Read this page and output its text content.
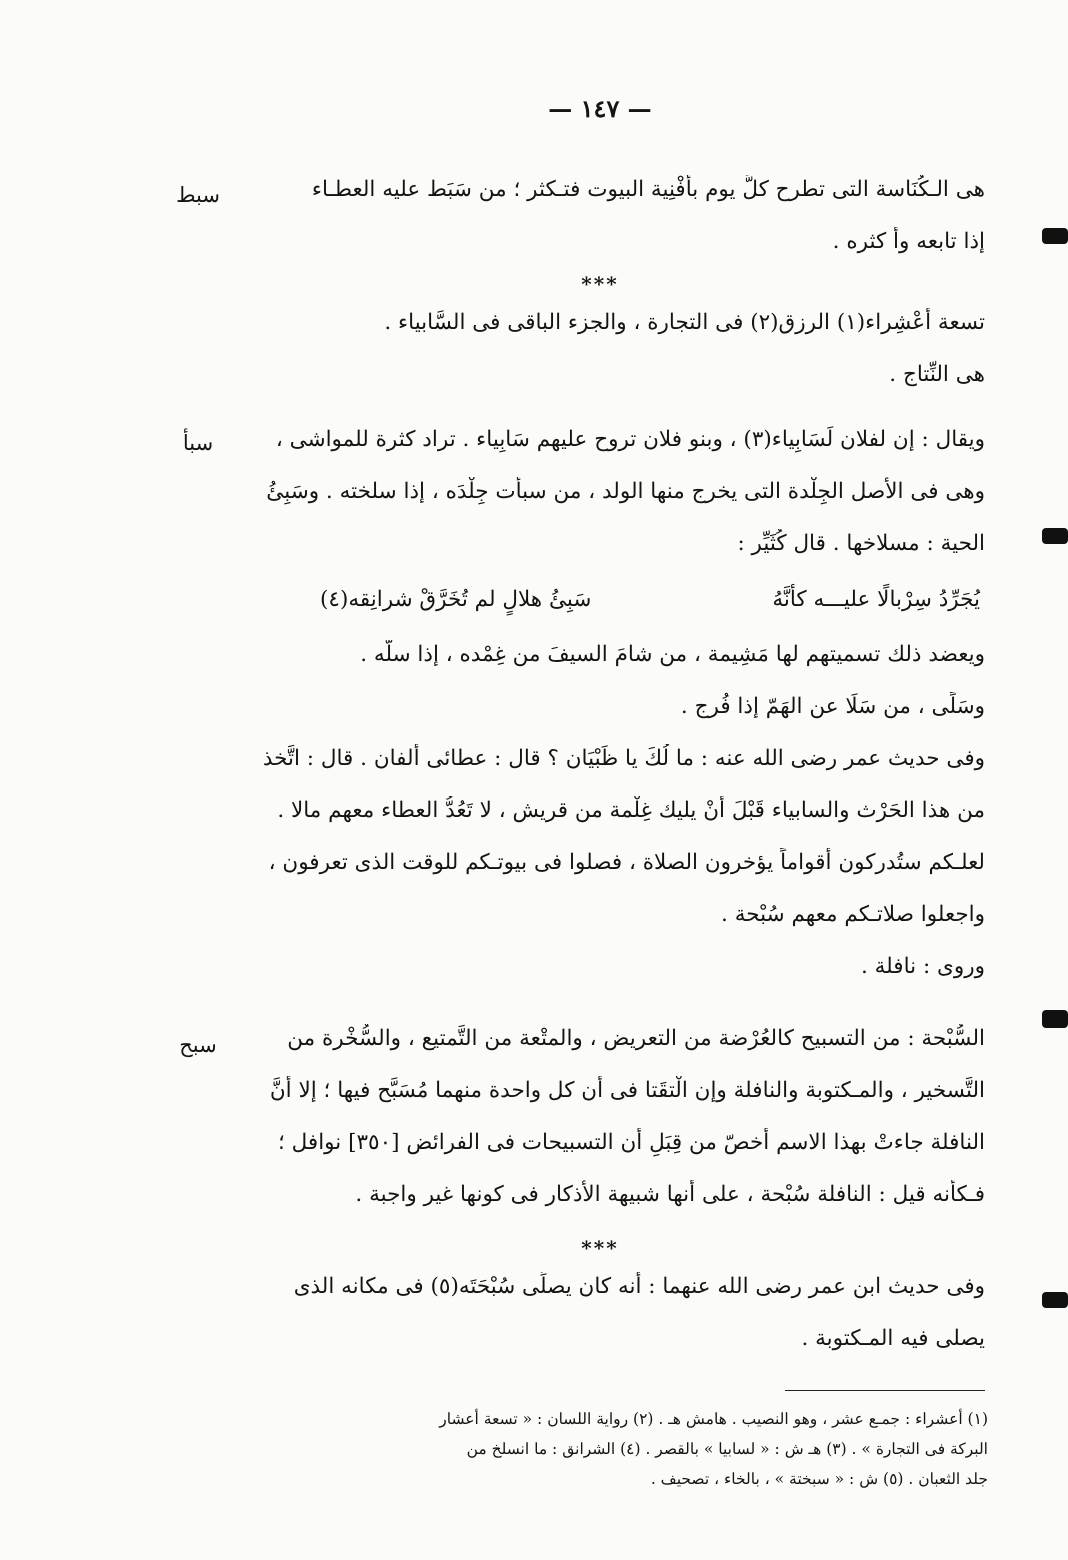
— ١٤٧ —
سبط	هى الـكُنَاسة التى تطرح كلَّ يوم بأفْنِية البيوت فتـكثر ؛ من سَبَط عليه العطـاء
إذا تابعه وأ كثره .
***
تسعة أعْشِراء(١) الرزق(٢) فى التجارة ، والجزء الباقى فى السَّابياء .
هى النِّتاج .
سبأ	ويقال : إن لفلان لَسَابِياء(٣) ، وبنو فلان تروح عليهم سَابِياء . تراد كثرة للمواشى ،
وهى فى الأصل الجِلْدة التى يخرج منها الولد ، من سبأت جِلْدَه ، إذا سلخته . وسَبِئُ
الحية : مسلاخها . قال كُثَيِّر :
يُجَرِّدُ سِرْبالًا عليـــه كأنَّهُ
سَبِئُ هلالٍ لم تُخَرَّقْ شرانِقه(٤)
ويعضد ذلك تسميتهم لها مَشِيمة ، من شامَ السيفَ من غِمْده ، إذا سلّه .
وسَلًى ، من سَلَا عن الهَمّ إذا فُرج .
وفى حديث عمر رضى الله عنه : ما لُكَ يا ظَبْيَان ؟ قال : عطائى ألفان . قال : اتَّخذ
من هذا الحَرْث والسابياء قَبْلَ أنْ يليك غِلْمة من قريش ، لا تَعُدُّ العطاء معهم مالا .
لعلـكم ستُدركون أقواماً يؤخرون الصلاة ، فصلوا فى بيوتـكم للوقت الذى تعرفون ،
واجعلوا صلاتـكم معهم سُبْحة .
وروى : نافلة .
سبح	السُّبْحة : من التسبيح كالعُرْضة من التعريض ، والمتْعة من التَّمتيع ، والسُّخْرة من
التَّسخير ، والمـكتوبة والنافلة وإن الْتقَتا فى أن كل واحدة منهما مُسَبَّح فيها ؛ إلا أنَّ
النافلة جاءتْ بهذا الاسم أخصّ من قِبَلِ أن التسبيحات فى الفرائض [٣٥٠] نوافل ؛
فـكأنه قيل : النافلة سُبْحة ، على أنها شبيهة الأذكار فى كونها غير واجبة .
***
وفى حديث ابن عمر رضى الله عنهما : أنه كان يصلِّى سُبْحَتَه(٥) فى مكانه الذى
يصلى فيه المـكتوبة .
(١) أعشراء : جمـع عشر ، وهو النصيب . هامش هـ . (٢) رواية اللسان : « تسعة أعشار
البركة فى التجارة » . (٣) هـ ش : « لسابيا » بالقصر . (٤) الشرانق : ما انسلخ من
جلد الثعبان . (٥) ش : « سبختة » ، بالخاء ، تصحيف .
